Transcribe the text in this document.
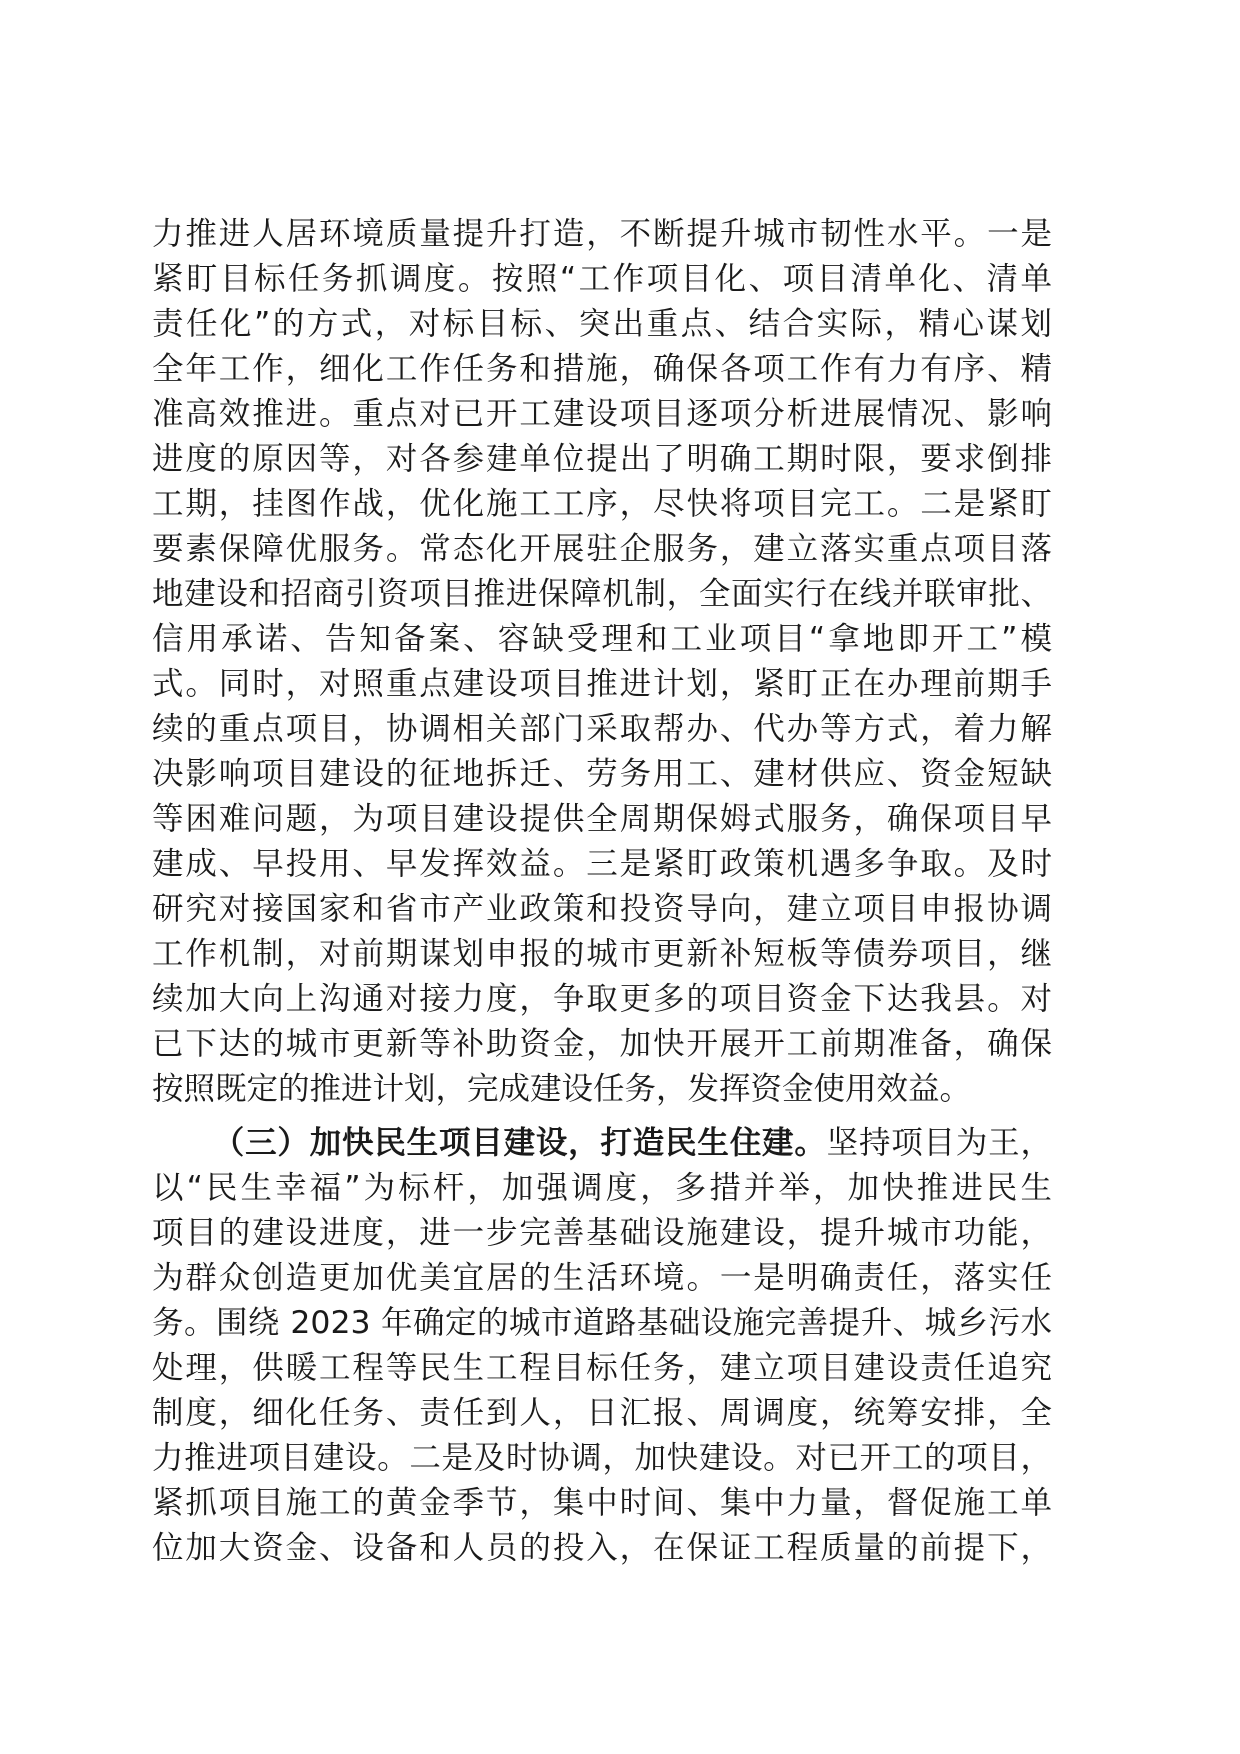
力推进人居环境质量提升打造，不断提升城市韧性水平。一是
紧盯目标任务抓调度。按照“工作项目化、项目清单化、清单
责任化”的方式，对标目标、突出重点、结合实际，精心谋划
全年工作，细化工作任务和措施，确保各项工作有力有序、精
准高效推进。重点对已开工建设项目逐项分析进展情况、影响
进度的原因等，对各参建单位提出了明确工期时限，要求倒排
工期，挂图作战，优化施工工序，尽快将项目完工。二是紧盯
要素保障优服务。常态化开展驻企服务，建立落实重点项目落
地建设和招商引资项目推进保障机制，全面实行在线并联审批、
信用承诺、告知备案、容缺受理和工业项目“拿地即开工”模
式。同时，对照重点建设项目推进计划，紧盯正在办理前期手
续的重点项目，协调相关部门采取帮办、代办等方式，着力解
决影响项目建设的征地拆迁、劳务用工、建材供应、资金短缺
等困难问题，为项目建设提供全周期保姆式服务，确保项目早
建成、早投用、早发挥效益。三是紧盯政策机遇多争取。及时
研究对接国家和省市产业政策和投资导向，建立项目申报协调
工作机制，对前期谋划申报的城市更新补短板等债券项目，继
续加大向上沟通对接力度，争取更多的项目资金下达我县。对
已下达的城市更新等补助资金，加快开展开工前期准备，确保
按照既定的推进计划，完成建设任务，发挥资金使用效益。
（三）加快民生项目建设，打造民生住建。坚持项目为王，
以“民生幸福”为标杆，加强调度，多措并举，加快推进民生
项目的建设进度，进一步完善基础设施建设，提升城市功能，
为群众创造更加优美宜居的生活环境。一是明确责任，落实任
务。围绕 2023 年确定的城市道路基础设施完善提升、城乡污水
处理，供暖工程等民生工程目标任务，建立项目建设责任追究
制度，细化任务、责任到人，日汇报、周调度，统筹安排，全
力推进项目建设。二是及时协调，加快建设。对已开工的项目，
紧抓项目施工的黄金季节，集中时间、集中力量，督促施工单
位加大资金、设备和人员的投入，在保证工程质量的前提下，
